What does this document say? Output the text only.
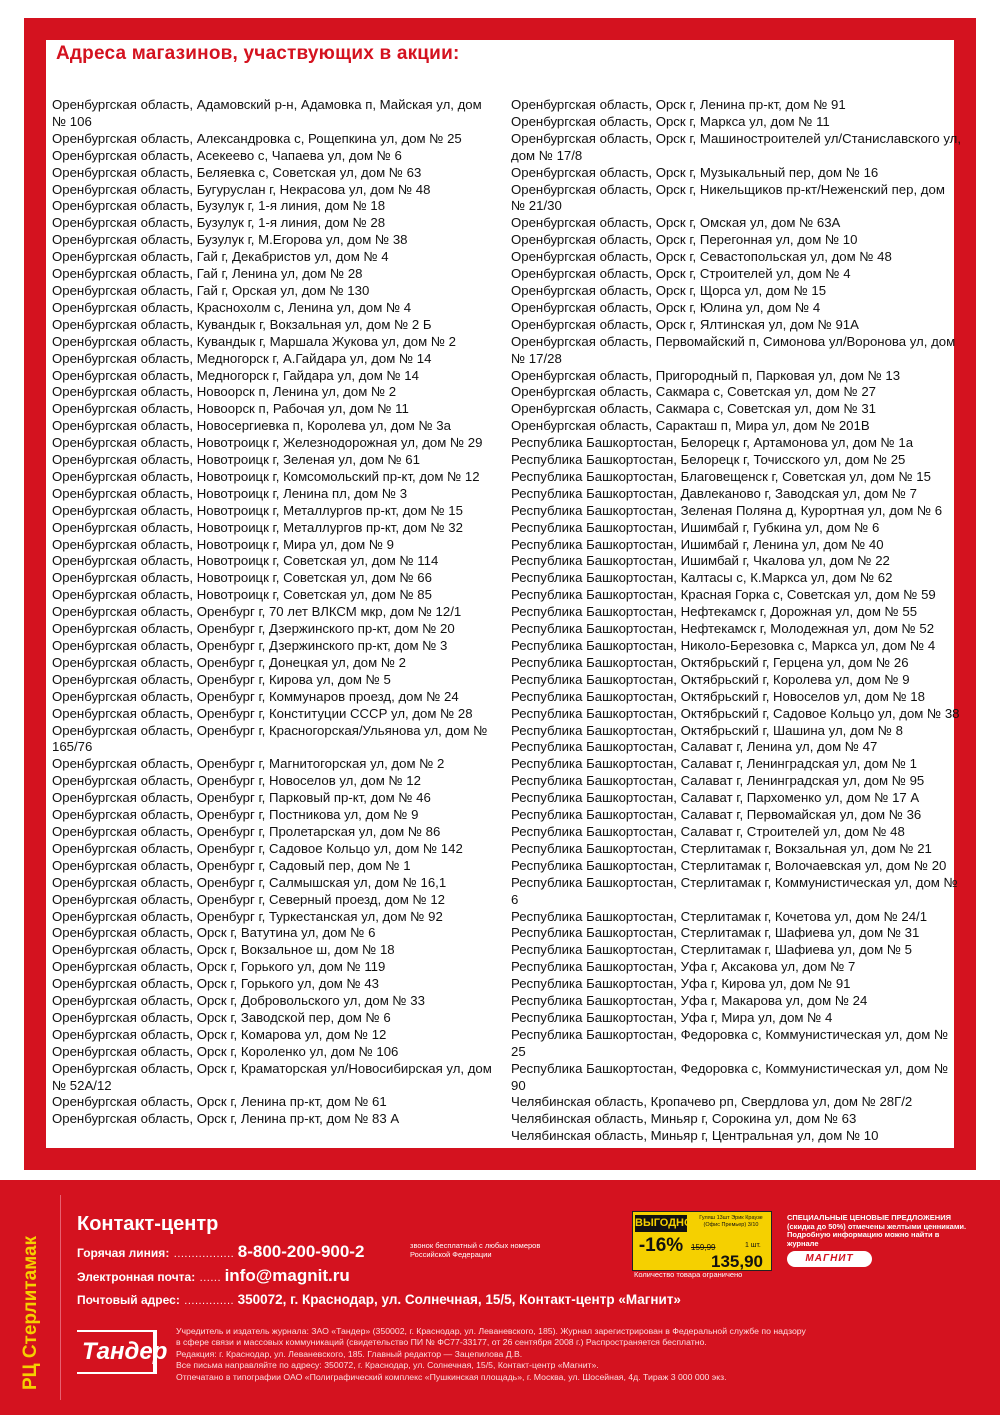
Адреса магазинов, участвующих в акции:
Оренбургская область, Адамовский р-н, Адамовка п, Майская ул, дом № 106
Оренбургская область, Александровка с, Рощепкина ул, дом № 25
Оренбургская область, Асекеево с, Чапаева ул, дом № 6
Оренбургская область, Беляевка с, Советская ул, дом № 63
Оренбургская область, Бугуруслан г, Некрасова ул, дом № 48
Оренбургская область, Бузулук г, 1-я линия, дом № 18
Оренбургская область, Бузулук г, 1-я линия, дом № 28
Оренбургская область, Бузулук г, М.Егорова ул, дом № 38
Оренбургская область, Гай г, Декабристов ул, дом № 4
Оренбургская область, Гай г, Ленина ул, дом № 28
Оренбургская область, Гай г, Орская ул, дом № 130
Оренбургская область, Краснохолм с, Ленина ул, дом № 4
Оренбургская область, Кувандык г, Вокзальная ул, дом № 2 Б
Оренбургская область, Кувандык г, Маршала Жукова ул, дом № 2
Оренбургская область, Медногорск г, А.Гайдара ул, дом № 14
Оренбургская область, Медногорск г, Гайдара ул, дом № 14
Оренбургская область, Новоорск п, Ленина ул, дом № 2
Оренбургская область, Новоорск п, Рабочая ул, дом № 11
Оренбургская область, Новосергиевка п, Королева ул, дом № 3а
Оренбургская область, Новотроицк г, Железнодорожная ул, дом № 29
Оренбургская область, Новотроицк г, Зеленая ул, дом № 61
Оренбургская область, Новотроицк г, Комсомольский пр-кт, дом № 12
Оренбургская область, Новотроицк г, Ленина пл, дом № 3
Оренбургская область, Новотроицк г, Металлургов пр-кт, дом № 15
Оренбургская область, Новотроицк г, Металлургов пр-кт, дом № 32
Оренбургская область, Новотроицк г, Мира ул, дом № 9
Оренбургская область, Новотроицк г, Советская ул, дом № 114
Оренбургская область, Новотроицк г, Советская ул, дом № 66
Оренбургская область, Новотроицк г, Советская ул, дом № 85
Оренбургская область, Оренбург г, 70 лет ВЛКСМ мкр, дом № 12/1
Оренбургская область, Оренбург г, Дзержинского пр-кт, дом № 20
Оренбургская область, Оренбург г, Дзержинского пр-кт, дом № 3
Оренбургская область, Оренбург г, Донецкая ул, дом № 2
Оренбургская область, Оренбург г, Кирова ул, дом № 5
Оренбургская область, Оренбург г, Коммунаров проезд, дом № 24
Оренбургская область, Оренбург г, Конституции СССР ул, дом № 28
Оренбургская область, Оренбург г, Красногорская/Ульянова ул, дом № 165/76
Оренбургская область, Оренбург г, Магнитогорская ул, дом № 2
Оренбургская область, Оренбург г, Новоселов ул, дом № 12
Оренбургская область, Оренбург г, Парковый пр-кт, дом № 46
Оренбургская область, Оренбург г, Постникова ул, дом № 9
Оренбургская область, Оренбург г, Пролетарская ул, дом № 86
Оренбургская область, Оренбург г, Садовое Кольцо ул, дом № 142
Оренбургская область, Оренбург г, Садовый пер, дом № 1
Оренбургская область, Оренбург г, Салмышская ул, дом № 16,1
Оренбургская область, Оренбург г, Северный проезд, дом № 12
Оренбургская область, Оренбург г, Туркестанская ул, дом № 92
Оренбургская область, Орск г, Ватутина ул, дом № 6
Оренбургская область, Орск г, Вокзальное ш, дом № 18
Оренбургская область, Орск г, Горького ул, дом № 119
Оренбургская область, Орск г, Горького ул, дом № 43
Оренбургская область, Орск г, Добровольского ул, дом № 33
Оренбургская область, Орск г, Заводской пер, дом № 6
Оренбургская область, Орск г, Комарова ул, дом № 12
Оренбургская область, Орск г, Короленко ул, дом № 106
Оренбургская область, Орск г, Краматорская ул/Новосибирская ул, дом № 52А/12
Оренбургская область, Орск г, Ленина пр-кт, дом № 61
Оренбургская область, Орск г, Ленина пр-кт, дом № 83 А
Оренбургская область, Орск г, Ленина пр-кт, дом № 91
Оренбургская область, Орск г, Маркса ул, дом № 11
Оренбургская область, Орск г, Машиностроителей ул/Станиславского ул, дом № 17/8
Оренбургская область, Орск г, Музыкальный пер, дом № 16
Оренбургская область, Орск г, Никельщиков пр-кт/Неженский пер, дом № 21/30
Оренбургская область, Орск г, Омская ул, дом № 63А
Оренбургская область, Орск г, Перегонная ул, дом № 10
Оренбургская область, Орск г, Севастопольская ул, дом № 48
Оренбургская область, Орск г, Строителей ул, дом № 4
Оренбургская область, Орск г, Щорса ул, дом № 15
Оренбургская область, Орск г, Юлина ул, дом № 4
Оренбургская область, Орск г, Ялтинская ул, дом № 91А
Оренбургская область, Первомайский п, Симонова ул/Воронова ул, дом № 17/28
Оренбургская область, Пригородный п, Парковая ул, дом № 13
Оренбургская область, Сакмара с, Советская ул, дом № 27
Оренбургская область, Сакмара с, Советская ул, дом № 31
Оренбургская область, Саракташ п, Мира ул, дом № 201В
Республика Башкортостан, Белорецк г, Артамонова ул, дом № 1а
Республика Башкортостан, Белорецк г, Точисского ул, дом № 25
Республика Башкортостан, Благовещенск г, Советская ул, дом № 15
Республика Башкортостан, Давлеканово г, Заводская ул, дом № 7
Республика Башкортостан, Зеленая Поляна д, Курортная ул, дом № 6
Республика Башкортостан, Ишимбай г, Губкина ул, дом № 6
Республика Башкортостан, Ишимбай г, Ленина ул, дом № 40
Республика Башкортостан, Ишимбай г, Чкалова ул, дом № 22
Республика Башкортостан, Калтасы с, К.Маркса ул, дом № 62
Республика Башкортостан, Красная Горка с, Советская ул, дом № 59
Республика Башкортостан, Нефтекамск г, Дорожная ул, дом № 55
Республика Башкортостан, Нефтекамск г, Молодежная ул, дом № 52
Республика Башкортостан, Николо-Березовка с, Маркса ул, дом № 4
Республика Башкортостан, Октябрьский г, Герцена ул, дом № 26
Республика Башкортостан, Октябрьский г, Королева ул, дом № 9
Республика Башкортостан, Октябрьский г, Новоселов ул, дом № 18
Республика Башкортостан, Октябрьский г, Садовое Кольцо ул, дом № 38
Республика Башкортостан, Октябрьский г, Шашина ул, дом № 8
Республика Башкортостан, Салават г, Ленина ул, дом № 47
Республика Башкортостан, Салават г, Ленинградская ул, дом № 1
Республика Башкортостан, Салават г, Ленинградская ул, дом № 95
Республика Башкортостан, Салават г, Пархоменко ул, дом № 17 А
Республика Башкортостан, Салават г, Первомайская ул, дом № 36
Республика Башкортостан, Салават г, Строителей ул, дом № 48
Республика Башкортостан, Стерлитамак г, Вокзальная ул, дом № 21
Республика Башкортостан, Стерлитамак г, Волочаевская ул, дом № 20
Республика Башкортостан, Стерлитамак г, Коммунистическая ул, дом № 6
Республика Башкортостан, Стерлитамак г, Кочетова ул, дом № 24/1
Республика Башкортостан, Стерлитамак г, Шафиева ул, дом № 31
Республика Башкортостан, Стерлитамак г, Шафиева ул, дом № 5
Республика Башкортостан, Уфа г, Аксакова ул, дом № 7
Республика Башкортостан, Уфа г, Кирова ул, дом № 91
Республика Башкортостан, Уфа г, Макарова ул, дом № 24
Республика Башкортостан, Уфа г, Мира ул, дом № 4
Республика Башкортостан, Федоровка с, Коммунистическая ул, дом № 25
Республика Башкортостан, Федоровка с, Коммунистическая ул, дом № 90
Челябинская область, Кропачево рп, Свердлова ул, дом № 28Г/2
Челябинская область, Миньяр г, Сорокина ул, дом № 63
Челябинская область, Миньяр г, Центральная ул, дом № 10
РЦ Стерлитамак
Контакт-центр
Горячая линия: ................. 8-800-200-900-2	звонок бесплатный с любых номеров Российской Федерации
Электронная почта: ...... info@magnit.ru
Почтовый адрес: .............. 350072, г. Краснодар, ул. Солнечная, 15/5, Контакт-центр «Магнит»
ВЫГОДНО
-16%
Гуляш 13шт Эрик Краузе (Офис Премьер) 3/10
159,99
135,90
1 шт.
Количество товара ограничено
СПЕЦИАЛЬНЫЕ ЦЕНОВЫЕ ПРЕДЛОЖЕНИЯ (скидка до 50%) отмечены желтыми ценниками. Подробную информацию можно найти в журнале
МАГНИТ
Тандер
Учредитель и издатель журнала: ЗАО «Тандер» (350002, г. Краснодар, ул. Леваневского, 185). Журнал зарегистрирован в Федеральной службе по надзору
в сфере связи и массовых коммуникаций (свидетельство ПИ № ФС77-33177, от 26 сентября 2008 г.) Распространяется бесплатно.
Редакция: г. Краснодар, ул. Леваневского, 185. Главный редактор — Зацепилова Д.В.
Все письма направляйте по адресу: 350072, г. Краснодар, ул. Солнечная, 15/5, Контакт-центр «Магнит».
Отпечатано в типографии ОАО «Полиграфический комплекс «Пушкинская площадь», г. Москва, ул. Шосейная, 4д. Тираж 3 000 000 экз.
